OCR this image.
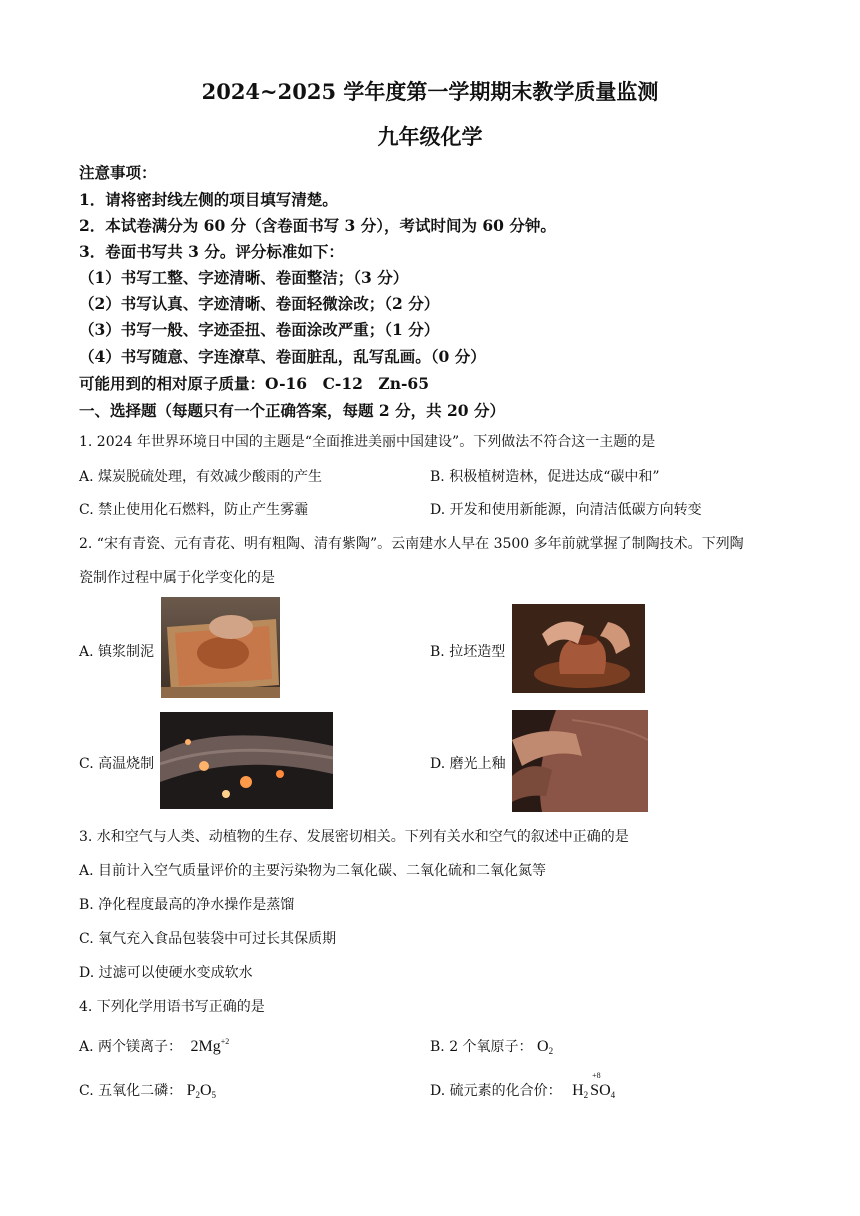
2024~2025 学年度第一学期期末教学质量监测
九年级化学
注意事项：
1．请将密封线左侧的项目填写清楚。
2．本试卷满分为 60 分（含卷面书写 3 分），考试时间为 60 分钟。
3．卷面书写共 3 分。评分标准如下：
（1）书写工整、字迹清晰、卷面整洁；（3 分）
（2）书写认真、字迹清晰、卷面轻微涂改；（2 分）
（3）书写一般、字迹歪扭、卷面涂改严重；（1 分）
（4）书写随意、字连潦草、卷面脏乱，乱写乱画。（0 分）
可能用到的相对原子质量：O-16　C-12　Zn-65
一、选择题（每题只有一个正确答案，每题 2 分，共 20 分）
1. 2024 年世界环境日中国的主题是“全面推进美丽中国建设”。下列做法不符合这一主题的是
A. 煤炭脱硫处理，有效减少酸雨的产生	B. 积极植树造林，促进达成“碳中和”
C. 禁止使用化石燃料，防止产生雾霾	D. 开发和使用新能源，向清洁低碳方向转变
2. “宋有青瓷、元有青花、明有粗陶、清有紫陶”。云南建水人早在 3500 多年前就掌握了制陶技术。下列陶
瓷制作过程中属于化学变化的是
A. 镇浆制泥	B. 拉坯造型
C. 高温烧制	D. 磨光上釉
3. 水和空气与人类、动植物的生存、发展密切相关。下列有关水和空气的叙述中正确的是
A. 目前计入空气质量评价的主要污染物为二氧化碳、二氧化硫和二氧化氮等
B. 净化程度最高的净水操作是蒸馏
C. 氧气充入食品包装袋中可过长其保质期
D. 过滤可以使硬水变成软水
4. 下列化学用语书写正确的是
A. 两个镁离子： $2Mg^{+2}$	B. 2 个氧原子： $O_2$
C. 五氧化二磷： $P_2O_5$	D. 硫元素的化合价： $H_2$
+8
$SO_4$
